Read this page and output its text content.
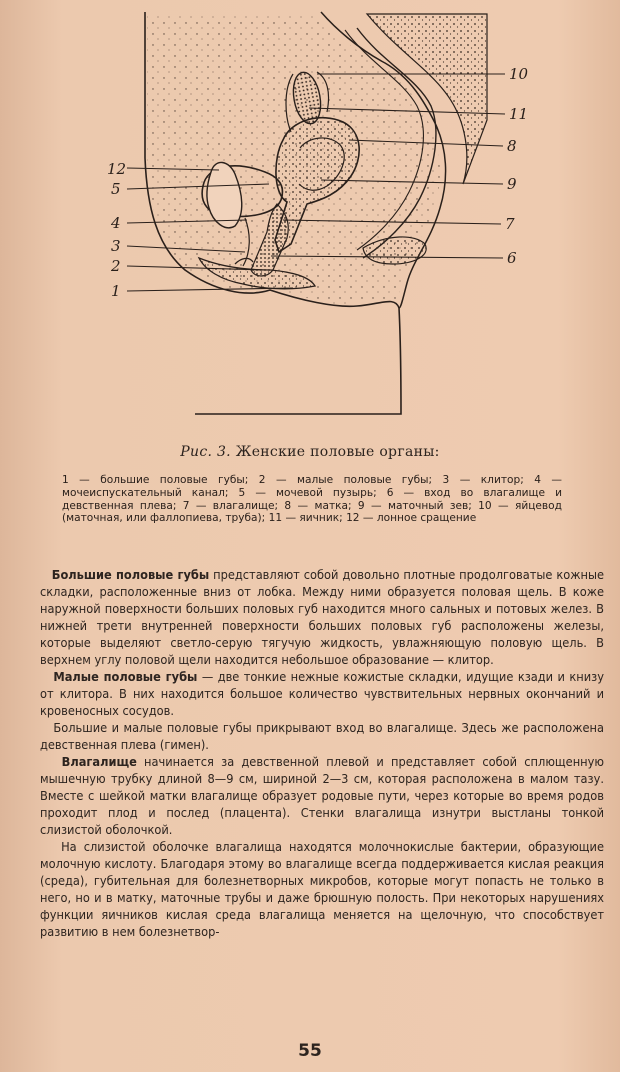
12
5
4
3
2
1
10
11
8
9
7
6
Рис. 3. Женские половые органы:
1 — большие половые губы; 2 — малые половые губы; 3 — клитор; 4 — мочеиспускательный канал; 5 — мочевой пузырь; 6 — вход во влагалище и девственная плева; 7 — влагалище; 8 — матка; 9 — маточный зев; 10 — яйцевод (маточная, или фаллопиева, труба); 11 — яичник; 12 — лонное сращение

Большие половые губы представляют собой довольно плотные продолговатые кожные складки, расположенные вниз от лобка. Между ними образуется половая щель. В коже наружной поверхности больших половых губ находится много сальных и потовых желез. В нижней трети внутренней поверхности больших половых губ расположены железы, которые выделяют светло-серую тягучую жидкость, увлажняющую половую щель. В верхнем углу половой щели находится небольшое образование — клитор.

Малые половые губы — две тонкие нежные кожистые складки, идущие кзади и книзу от клитора. В них находится большое количество чувствительных нервных окончаний и кровеносных сосудов.

Большие и малые половые губы прикрывают вход во влагалище. Здесь же расположена девственная плева (гимен).

Влагалище начинается за девственной плевой и представляет собой сплющенную мышечную трубку длиной 8—9 см, шириной 2—3 см, которая расположена в малом тазу. Вместе с шейкой матки влагалище образует родовые пути, через которые во время родов проходит плод и послед (плацента). Стенки влагалища изнутри выстланы тонкой слизистой оболочкой.

На слизистой оболочке влагалища находятся молочнокислые бактерии, образующие молочную кислоту. Благодаря этому во влагалище всегда поддерживается кислая реакция (среда), губительная для болезнетворных микробов, которые могут попасть не только в него, но и в матку, маточные трубы и даже брюшную полость. При некоторых нарушениях функции яичников кислая среда влагалища меняется на щелочную, что способствует развитию в нем болезнетвор-

55
